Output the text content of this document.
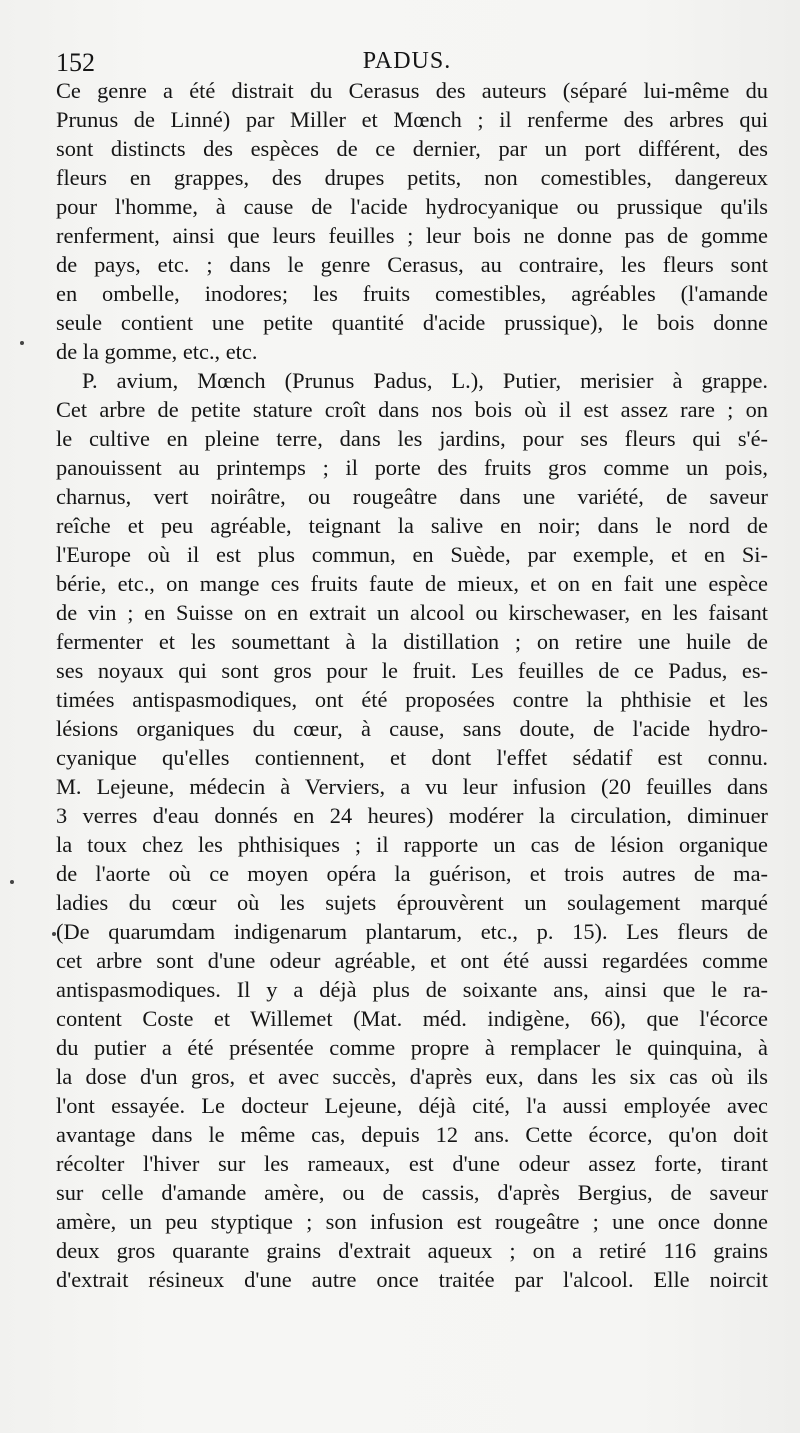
152	PADUS.
Ce genre a été distrait du Cerasus des auteurs (séparé lui-même du
Prunus de Linné) par Miller et Mœnch ; il renferme des arbres qui
sont distincts des espèces de ce dernier, par un port différent, des
fleurs en grappes, des drupes petits, non comestibles, dangereux
pour l'homme, à cause de l'acide hydrocyanique ou prussique qu'ils
renferment, ainsi que leurs feuilles ; leur bois ne donne pas de gomme
de pays, etc. ; dans le genre Cerasus, au contraire, les fleurs sont
en ombelle, inodores; les fruits comestibles, agréables (l'amande
seule contient une petite quantité d'acide prussique), le bois donne
de la gomme, etc., etc.
P. avium, Mœnch (Prunus Padus, L.), Putier, merisier à grappe.
Cet arbre de petite stature croît dans nos bois où il est assez rare ; on
le cultive en pleine terre, dans les jardins, pour ses fleurs qui s'é-
panouissent au printemps ; il porte des fruits gros comme un pois,
charnus, vert noirâtre, ou rougeâtre dans une variété, de saveur
reîche et peu agréable, teignant la salive en noir; dans le nord de
l'Europe où il est plus commun, en Suède, par exemple, et en Si-
bérie, etc., on mange ces fruits faute de mieux, et on en fait une espèce
de vin ; en Suisse on en extrait un alcool ou kirschewaser, en les faisant
fermenter et les soumettant à la distillation ; on retire une huile de
ses noyaux qui sont gros pour le fruit. Les feuilles de ce Padus, es-
timées antispasmodiques, ont été proposées contre la phthisie et les
lésions organiques du cœur, à cause, sans doute, de l'acide hydro-
cyanique qu'elles contiennent, et dont l'effet sédatif est connu.
M. Lejeune, médecin à Verviers, a vu leur infusion (20 feuilles dans
3 verres d'eau donnés en 24 heures) modérer la circulation, diminuer
la toux chez les phthisiques ; il rapporte un cas de lésion organique
de l'aorte où ce moyen opéra la guérison, et trois autres de ma-
ladies du cœur où les sujets éprouvèrent un soulagement marqué
(De quarumdam indigenarum plantarum, etc., p. 15). Les fleurs de
cet arbre sont d'une odeur agréable, et ont été aussi regardées comme
antispasmodiques. Il y a déjà plus de soixante ans, ainsi que le ra-
content Coste et Willemet (Mat. méd. indigène, 66), que l'écorce
du putier a été présentée comme propre à remplacer le quinquina, à
la dose d'un gros, et avec succès, d'après eux, dans les six cas où ils
l'ont essayée. Le docteur Lejeune, déjà cité, l'a aussi employée avec
avantage dans le même cas, depuis 12 ans. Cette écorce, qu'on doit
récolter l'hiver sur les rameaux, est d'une odeur assez forte, tirant
sur celle d'amande amère, ou de cassis, d'après Bergius, de saveur
amère, un peu styptique ; son infusion est rougeâtre ; une once donne
deux gros quarante grains d'extrait aqueux ; on a retiré 116 grains
d'extrait résineux d'une autre once traitée par l'alcool. Elle noircit
